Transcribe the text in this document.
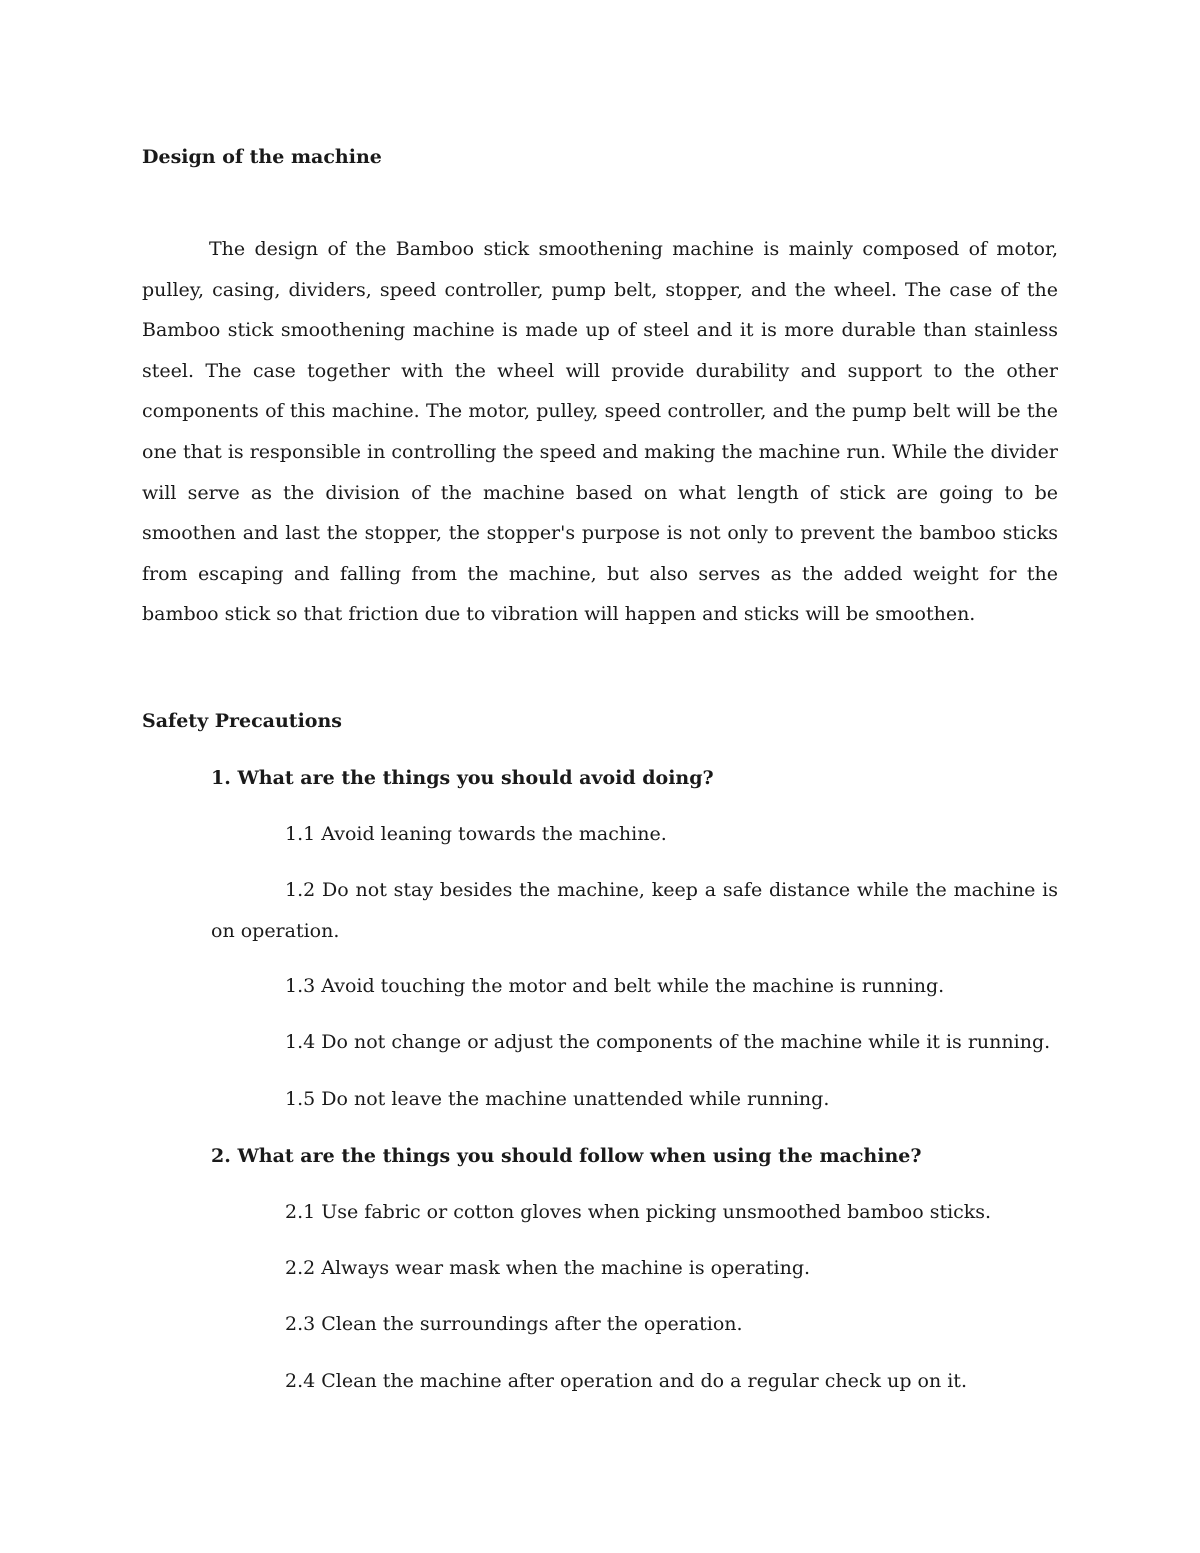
Design of the machine

The design of the Bamboo stick smoothening machine is mainly composed of motor, pulley, casing, dividers, speed controller, pump belt, stopper, and the wheel. The case of the Bamboo stick smoothening machine is made up of steel and it is more durable than stainless steel. The case together with the wheel will provide durability and support to the other components of this machine. The motor, pulley, speed controller, and the pump belt will be the one that is responsible in controlling the speed and making the machine run. While the divider will serve as the division of the machine based on what length of stick are going to be smoothen and last the stopper, the stopper's purpose is not only to prevent the bamboo sticks from escaping and falling from the machine, but also serves as the added weight for the bamboo stick so that friction due to vibration will happen and sticks will be smoothen.

Safety Precautions

1. What are the things you should avoid doing?

1.1 Avoid leaning towards the machine.

1.2 Do not stay besides the machine, keep a safe distance while the machine is on operation.

1.3 Avoid touching the motor and belt while the machine is running.

1.4 Do not change or adjust the components of the machine while it is running.

1.5 Do not leave the machine unattended while running.

2. What are the things you should follow when using the machine?

2.1 Use fabric or cotton gloves when picking unsmoothed bamboo sticks.

2.2 Always wear mask when the machine is operating.

2.3 Clean the surroundings after the operation.

2.4 Clean the machine after operation and do a regular check up on it.
